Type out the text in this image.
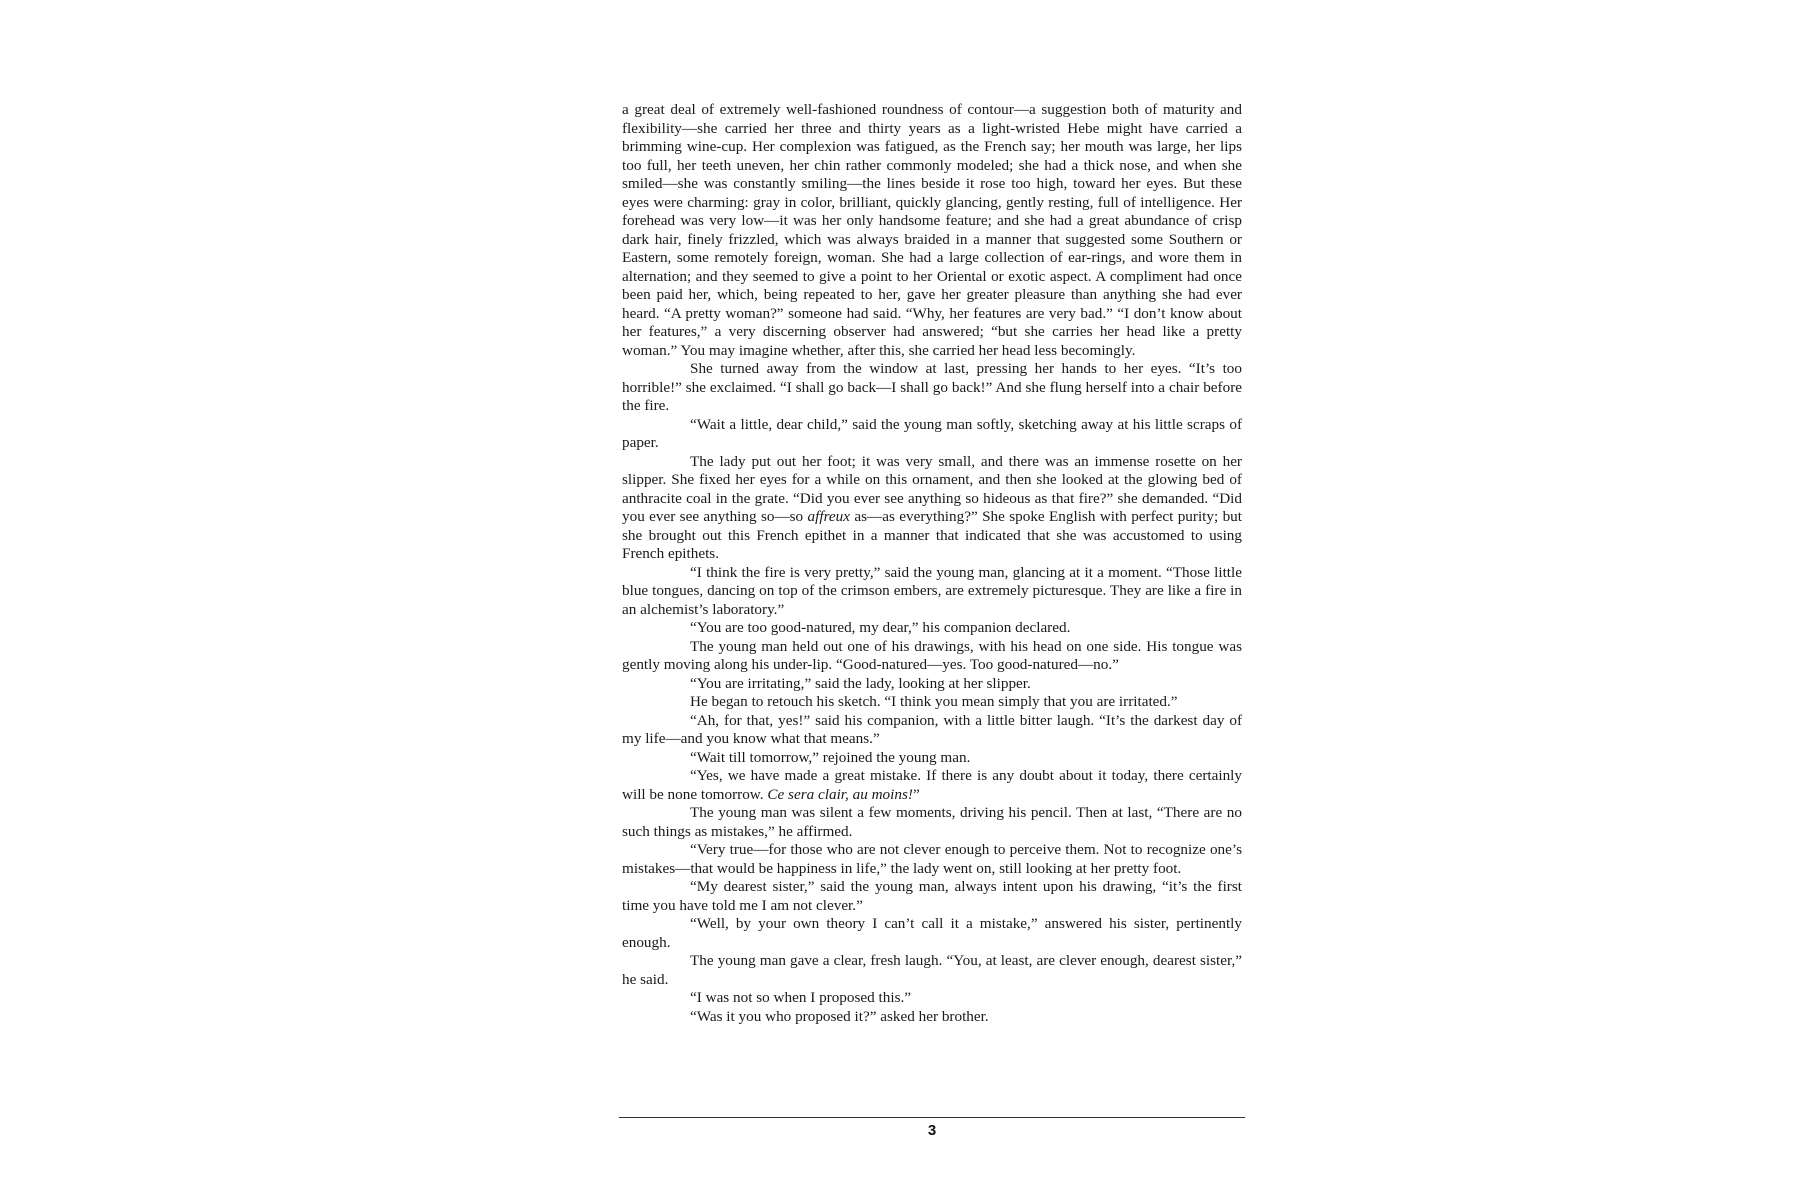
a great deal of extremely well-fashioned roundness of contour—a suggestion both of maturity and flexibility—she carried her three and thirty years as a light-wristed Hebe might have carried a brimming wine-cup. Her complexion was fatigued, as the French say; her mouth was large, her lips too full, her teeth uneven, her chin rather commonly modeled; she had a thick nose, and when she smiled—she was constantly smiling—the lines beside it rose too high, toward her eyes. But these eyes were charming: gray in color, brilliant, quickly glancing, gently resting, full of intelligence. Her forehead was very low—it was her only handsome feature; and she had a great abundance of crisp dark hair, finely frizzled, which was always braided in a manner that suggested some Southern or Eastern, some remotely foreign, woman. She had a large collection of ear-rings, and wore them in alternation; and they seemed to give a point to her Oriental or exotic aspect. A compliment had once been paid her, which, being repeated to her, gave her greater pleasure than anything she had ever heard. “A pretty woman?” someone had said. “Why, her features are very bad.” “I don’t know about her features,” a very discerning observer had answered; “but she carries her head like a pretty woman.” You may imagine whether, after this, she carried her head less becomingly.

She turned away from the window at last, pressing her hands to her eyes. “It’s too horrible!” she exclaimed. “I shall go back—I shall go back!” And she flung herself into a chair before the fire.

“Wait a little, dear child,” said the young man softly, sketching away at his little scraps of paper.

The lady put out her foot; it was very small, and there was an immense rosette on her slipper. She fixed her eyes for a while on this ornament, and then she looked at the glowing bed of anthracite coal in the grate. “Did you ever see anything so hideous as that fire?” she demanded. “Did you ever see anything so—so affreux as—as everything?” She spoke English with perfect purity; but she brought out this French epithet in a manner that indicated that she was accustomed to using French epithets.

“I think the fire is very pretty,” said the young man, glancing at it a moment. “Those little blue tongues, dancing on top of the crimson embers, are extremely picturesque. They are like a fire in an alchemist’s laboratory.”

“You are too good-natured, my dear,” his companion declared.

The young man held out one of his drawings, with his head on one side. His tongue was gently moving along his under-lip. “Good-natured—yes. Too good-natured—no.”

“You are irritating,” said the lady, looking at her slipper.

He began to retouch his sketch. “I think you mean simply that you are irritated.”

“Ah, for that, yes!” said his companion, with a little bitter laugh. “It’s the darkest day of my life—and you know what that means.”

“Wait till tomorrow,” rejoined the young man.

“Yes, we have made a great mistake. If there is any doubt about it today, there certainly will be none tomorrow. Ce sera clair, au moins!”

The young man was silent a few moments, driving his pencil. Then at last, “There are no such things as mistakes,” he affirmed.

“Very true—for those who are not clever enough to perceive them. Not to recognize one’s mistakes—that would be happiness in life,” the lady went on, still looking at her pretty foot.

“My dearest sister,” said the young man, always intent upon his drawing, “it’s the first time you have told me I am not clever.”

“Well, by your own theory I can’t call it a mistake,” answered his sister, pertinently enough.

The young man gave a clear, fresh laugh. “You, at least, are clever enough, dearest sister,” he said.

“I was not so when I proposed this.”

“Was it you who proposed it?” asked her brother.

3
